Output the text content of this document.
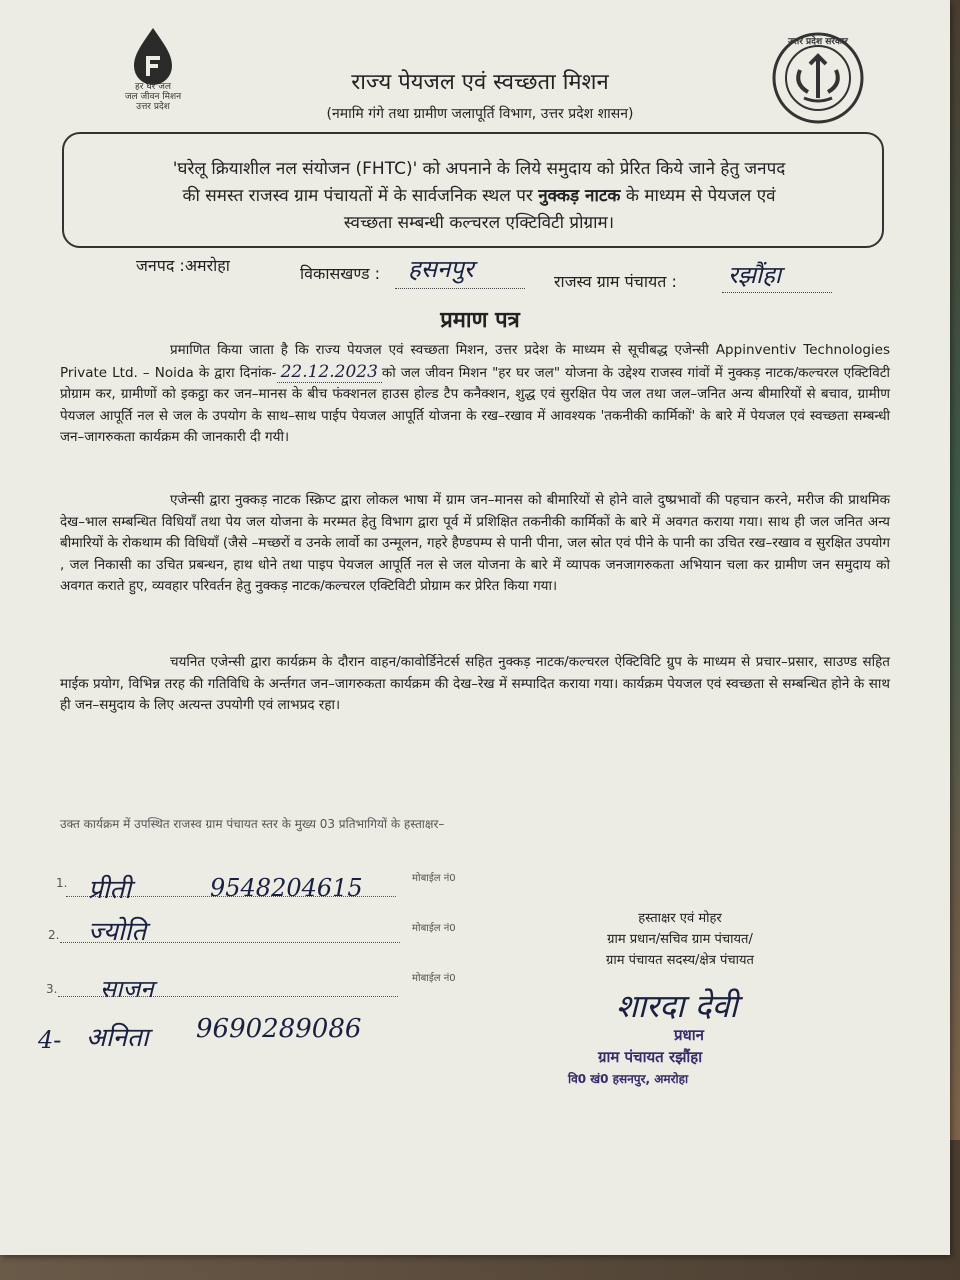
हर घर जल
जल जीवन मिशन
उत्तर प्रदेश
उत्तर प्रदेश सरकार
राज्य पेयजल एवं स्वच्छता मिशन
(नमामि गंगे तथा ग्रामीण जलापूर्ति विभाग, उत्तर प्रदेश शासन)
'घरेलू क्रियाशील नल संयोजन (FHTC)' को अपनाने के लिये समुदाय को प्रेरित किये जाने हेतु जनपद
की समस्त राजस्व ग्राम पंचायतों में के सार्वजनिक स्थल पर नुक्कड़ नाटक के माध्यम से पेयजल एवं
स्वच्छता सम्बन्धी कल्चरल एक्टिविटी प्रोग्राम।
जनपद :अमरोहा	विकासखण्ड : हसनपुर	राजस्व ग्राम पंचायत : रझौंहा
प्रमाण पत्र
प्रमाणित किया जाता है कि राज्य पेयजल एवं स्वच्छता मिशन, उत्तर प्रदेश के माध्यम से सूचीबद्ध एजेन्सी Appinventiv Technologies Private Ltd. – Noida के द्वारा दिनांक- 22.12.2023 को जल जीवन मिशन "हर घर जल" योजना के उद्देश्य राजस्व गांवों में नुक्कड़ नाटक/कल्चरल एक्टिविटी प्रोग्राम कर, ग्रामीणों को इकट्ठा कर जन–मानस के बीच फंक्शनल हाउस होल्ड टैप कनैक्शन, शुद्ध एवं सुरक्षित पेय जल तथा जल–जनित अन्य बीमारियों से बचाव, ग्रामीण पेयजल आपूर्ति नल से जल के उपयोग के साथ–साथ पाईप पेयजल आपूर्ति योजना के रख–रखाव में आवश्यक 'तकनीकी कार्मिकों' के बारे में पेयजल एवं स्वच्छता सम्बन्धी जन–जागरुकता कार्यक्रम की जानकारी दी गयी।
एजेन्सी द्वारा नुक्कड़ नाटक स्क्रिप्ट द्वारा लोकल भाषा में ग्राम जन–मानस को बीमारियों से होने वाले दुष्प्रभावों की पहचान करने, मरीज की प्राथमिक देख–भाल सम्बन्धित विधियाँ तथा पेय जल योजना के मरम्मत हेतु विभाग द्वारा पूर्व में प्रशिक्षित तकनीकी कार्मिकों के बारे में अवगत कराया गया। साथ ही जल जनित अन्य बीमारियों के रोकथाम की विधियाँ (जैसे –मच्छरों व उनके लार्वो का उन्मूलन, गहरे हैण्डपम्प से पानी पीना, जल स्रोत एवं पीने के पानी का उचित रख–रखाव व सुरक्षित उपयोग , जल निकासी का उचित प्रबन्धन, हाथ धोने तथा पाइप पेयजल आपूर्ति नल से जल योजना के बारे में व्यापक जनजागरुकता अभियान चला कर ग्रामीण जन समुदाय को अवगत कराते हुए, व्यवहार परिवर्तन हेतु नुक्कड़ नाटक/कल्चरल एक्टिविटी प्रोग्राम कर प्रेरित किया गया।
चयनित एजेन्सी द्वारा कार्यक्रम के दौरान वाहन/कावोर्डिनेटर्स सहित नुक्कड़ नाटक/कल्चरल ऐक्टिविटि ग्रुप के माध्यम से प्रचार–प्रसार, साउण्ड सहित माईक प्रयोग, विभिन्न तरह की गतिविधि के अर्न्तगत जन–जागरुकता कार्यक्रम की देख–रेख में सम्पादित कराया गया। कार्यक्रम पेयजल एवं स्वच्छता से सम्बन्धित होने के साथ ही जन–समुदाय के लिए अत्यन्त उपयोगी एवं लाभप्रद रहा।
उक्त कार्यक्रम में उपस्थित राजस्व ग्राम पंचायत स्तर के मुख्य 03 प्रतिभागियों के हस्ताक्षर–
1. प्रीती	9548204615	मोबाईल नं0
2. ज्योति	मोबाईल नं0
3. साजन	मोबाईल नं0
4- अनिता 9690289086
हस्ताक्षर एवं मोहर
ग्राम प्रधान/सचिव ग्राम पंचायत/
ग्राम पंचायत सदस्य/क्षेत्र पंचायत
शारदा देवी
प्रधान
ग्राम पंचायत रझौंहा
वि0 खं0 हसनपुर, अमरोहा
